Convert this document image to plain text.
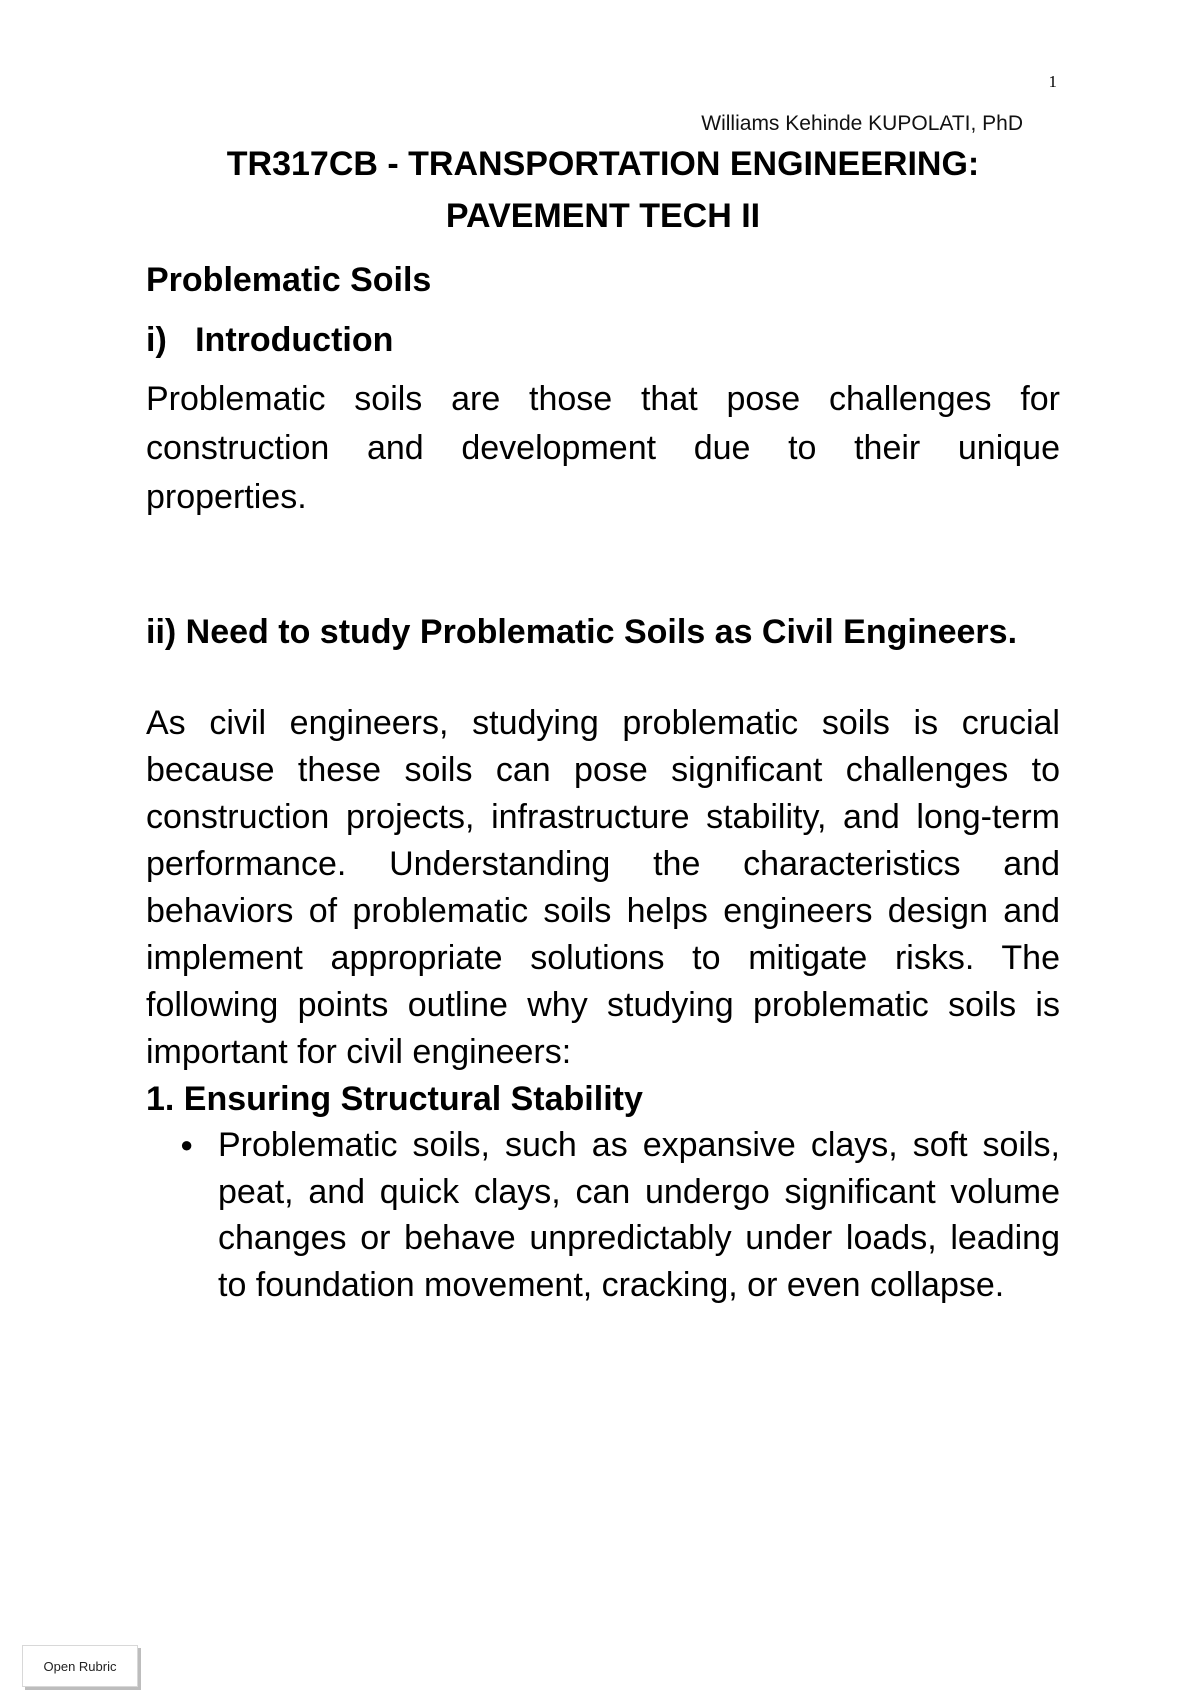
1
Williams Kehinde KUPOLATI, PhD
TR317CB - TRANSPORTATION ENGINEERING:
PAVEMENT TECH II
Problematic Soils
i)   Introduction

Problematic soils are those that pose challenges for construction and development due to their unique properties.

ii) Need to study Problematic Soils as Civil Engineers.

As civil engineers, studying problematic soils is crucial because these soils can pose significant challenges to construction projects, infrastructure stability, and long-term performance. Understanding the characteristics and behaviors of problematic soils helps engineers design and implement appropriate solutions to mitigate risks. The following points outline why studying problematic soils is important for civil engineers:

1. Ensuring Structural Stability
● Problematic soils, such as expansive clays, soft soils, peat, and quick clays, can undergo significant volume changes or behave unpredictably under loads, leading to foundation movement, cracking, or even collapse.
Open Rubric
